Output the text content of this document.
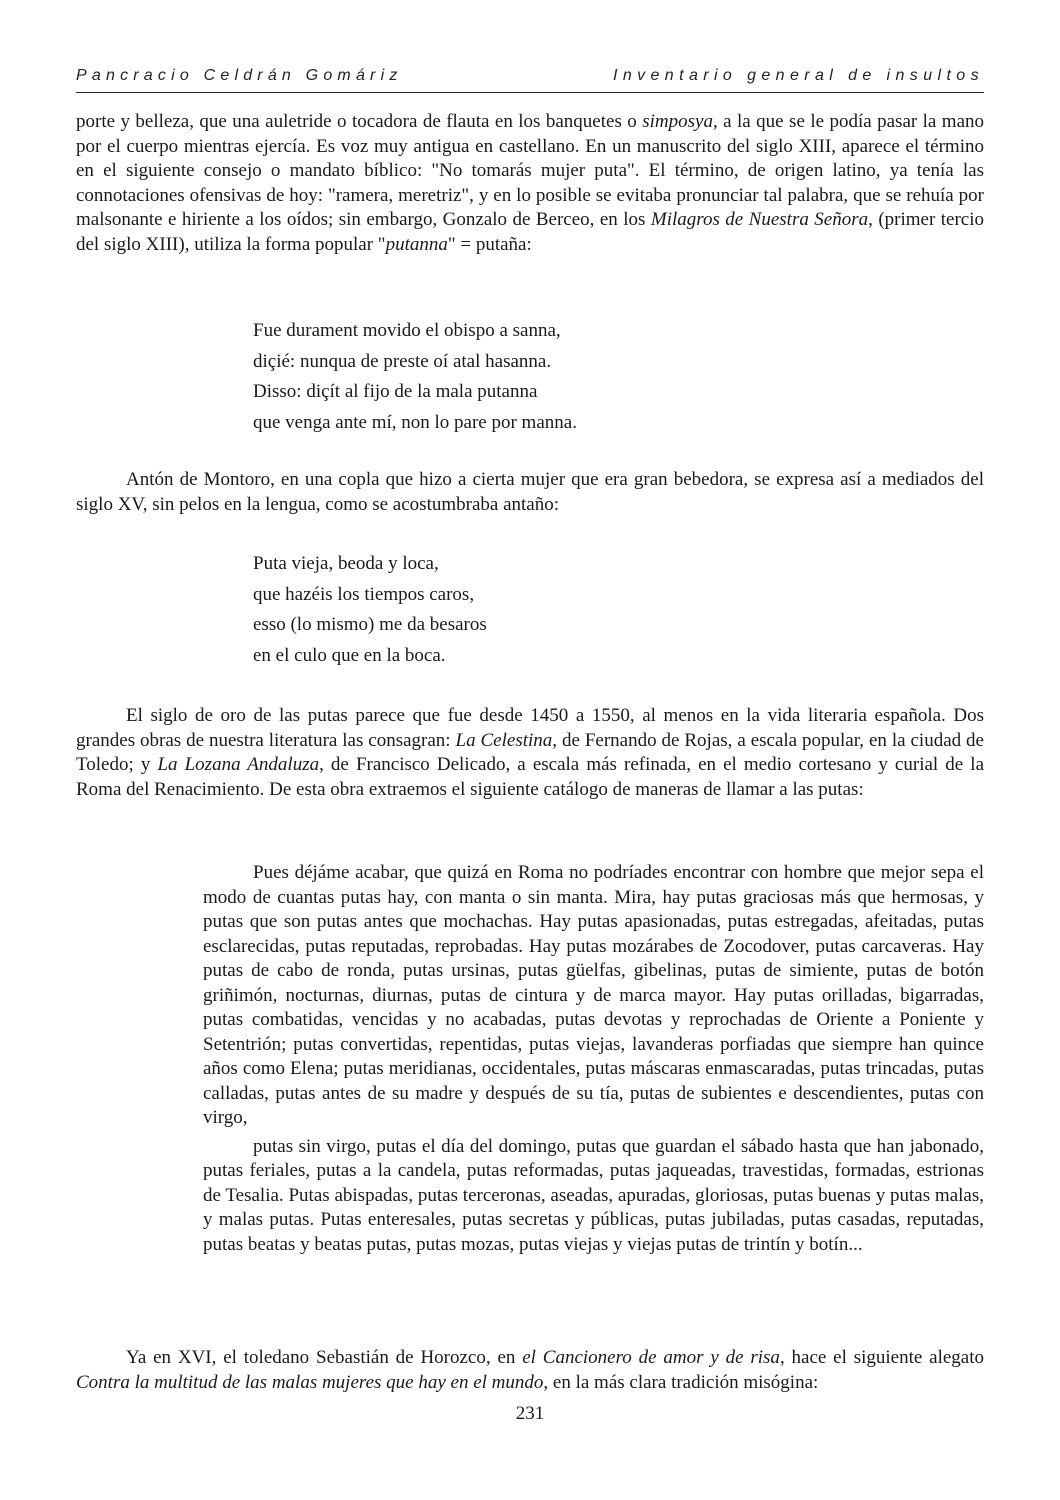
Pancracio Celdrán Gomáriz	Inventario general de insultos

porte y belleza, que una auletride o tocadora de flauta en los banquetes o simposya, a la que se le podía pasar la mano por el cuerpo mientras ejercía. Es voz muy antigua en castellano. En un manuscrito del siglo XIII, aparece el término en el siguiente consejo o mandato bíblico: "No tomarás mujer puta". El término, de origen latino, ya tenía las connotaciones ofensivas de hoy: "ramera, meretriz", y en lo posible se evitaba pronunciar tal palabra, que se rehuía por malsonante e hiriente a los oídos; sin embargo, Gonzalo de Berceo, en los Milagros de Nuestra Señora, (primer tercio del siglo XIII), utiliza la forma popular "putanna" = putaña:

Fue durament movido el obispo a sanna,
diçié: nunqua de preste oí atal hasanna.
Disso: diçít al fijo de la mala putanna
que venga ante mí, non lo pare por manna.

Antón de Montoro, en una copla que hizo a cierta mujer que era gran bebedora, se expresa así a mediados del siglo XV, sin pelos en la lengua, como se acostumbraba antaño:

Puta vieja, beoda y loca,
que hazéis los tiempos caros,
esso (lo mismo) me da besaros
en el culo que en la boca.

El siglo de oro de las putas parece que fue desde 1450 a 1550, al menos en la vida literaria española. Dos grandes obras de nuestra literatura las consagran: La Celestina, de Fernando de Rojas, a escala popular, en la ciudad de Toledo; y La Lozana Andaluza, de Francisco Delicado, a escala más refinada, en el medio cortesano y curial de la Roma del Renacimiento. De esta obra extraemos el siguiente catálogo de maneras de llamar a las putas:

Pues déjáme acabar, que quizá en Roma no podríades encontrar con hombre que mejor sepa el modo de cuantas putas hay, con manta o sin manta. Mira, hay putas graciosas más que hermosas, y putas que son putas antes que mochachas. Hay putas apasionadas, putas estregadas, afeitadas, putas esclarecidas, putas reputadas, reprobadas. Hay putas mozárabes de Zocodover, putas carcaveras. Hay putas de cabo de ronda, putas ursinas, putas güelfas, gibelinas, putas de simiente, putas de botón griñimón, nocturnas, diurnas, putas de cintura y de marca mayor. Hay putas orilladas, bigarradas, putas combatidas, vencidas y no acabadas, putas devotas y reprochadas de Oriente a Poniente y Setentrión; putas convertidas, repentidas, putas viejas, lavanderas porfiadas que siempre han quince años como Elena; putas meridianas, occidentales, putas máscaras enmascaradas, putas trincadas, putas calladas, putas antes de su madre y después de su tía, putas de subientes e descendientes, putas con virgo,

putas sin virgo, putas el día del domingo, putas que guardan el sábado hasta que han jabonado, putas feriales, putas a la candela, putas reformadas, putas jaqueadas, travestidas, formadas, estrionas de Tesalia. Putas abispadas, putas terceronas, aseadas, apuradas, gloriosas, putas buenas y putas malas, y malas putas. Putas enteresales, putas secretas y públicas, putas jubiladas, putas casadas, reputadas, putas beatas y beatas putas, putas mozas, putas viejas y viejas putas de trintín y botín...

Ya en XVI, el toledano Sebastián de Horozco, en el Cancionero de amor y de risa, hace el siguiente alegato Contra la multitud de las malas mujeres que hay en el mundo, en la más clara tradición misógina:

231
